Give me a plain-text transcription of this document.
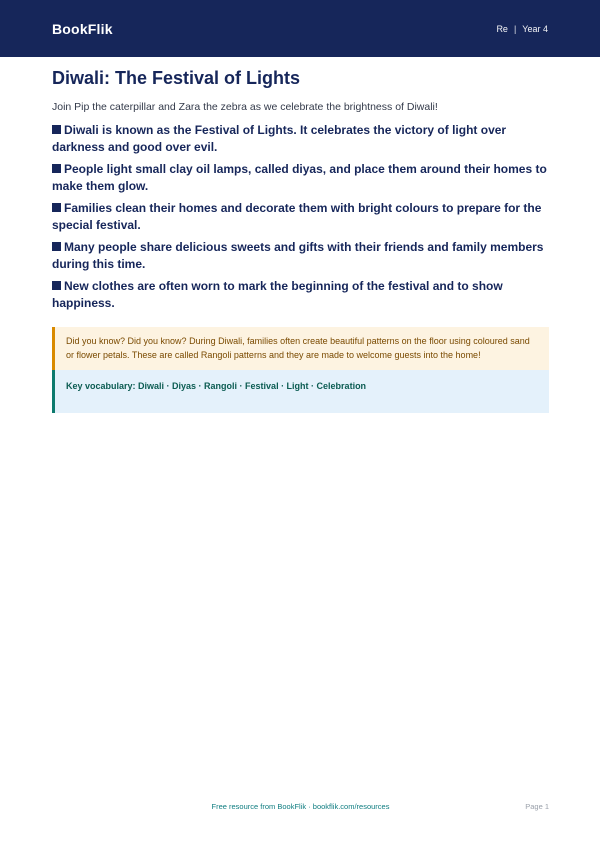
BookFlik	Re | Year 4
Diwali: The Festival of Lights

Join Pip the caterpillar and Zara the zebra as we celebrate the brightness of Diwali!

Diwali is known as the Festival of Lights. It celebrates the victory of light over darkness and good over evil.
People light small clay oil lamps, called diyas, and place them around their homes to make them glow.
Families clean their homes and decorate them with bright colours to prepare for the special festival.
Many people share delicious sweets and gifts with their friends and family members during this time.
New clothes are often worn to mark the beginning of the festival and to show happiness.
Did you know? Did you know? During Diwali, families often create beautiful patterns on the floor using coloured sand or flower petals. These are called Rangoli patterns and they are made to welcome guests into the home!
Key vocabulary: Diwali · Diyas · Rangoli · Festival · Light · Celebration
Free resource from BookFlik · bookflik.com/resources	Page 1
